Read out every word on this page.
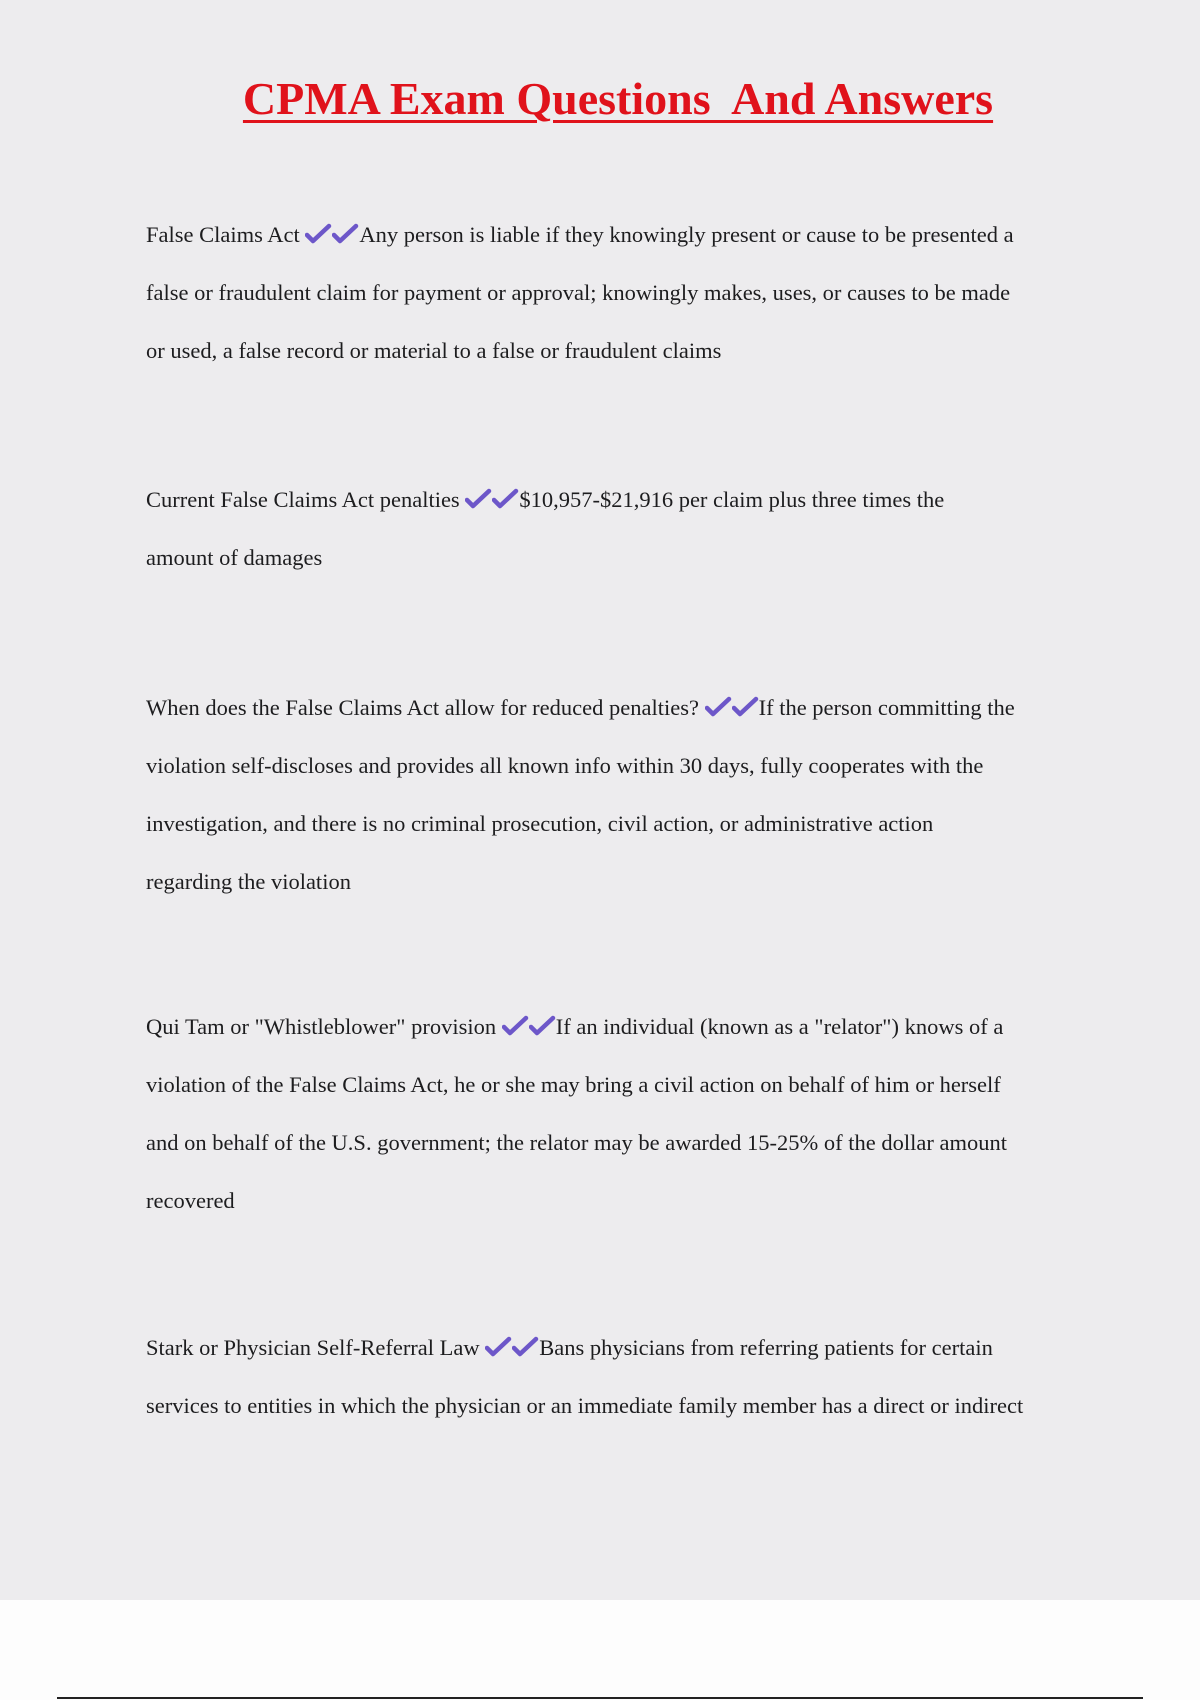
CPMA Exam Questions  And Answers

False Claims Act
Any person is liable if they knowingly present or cause to be presented a

false or fraudulent claim for payment or approval; knowingly makes, uses, or causes to be made

or used, a false record or material to a false or fraudulent claims

Current False Claims Act penalties
$10,957-$21,916 per claim plus three times the

amount of damages

When does the False Claims Act allow for reduced penalties?
If the person committing the

violation self-discloses and provides all known info within 30 days, fully cooperates with the

investigation, and there is no criminal prosecution, civil action, or administrative action

regarding the violation

Qui Tam or "Whistleblower" provision
If an individual (known as a "relator") knows of a

violation of the False Claims Act, he or she may bring a civil action on behalf of him or herself

and on behalf of the U.S. government; the relator may be awarded 15-25% of the dollar amount

recovered

Stark or Physician Self-Referral Law
Bans physicians from referring patients for certain

services to entities in which the physician or an immediate family member has a direct or indirect
